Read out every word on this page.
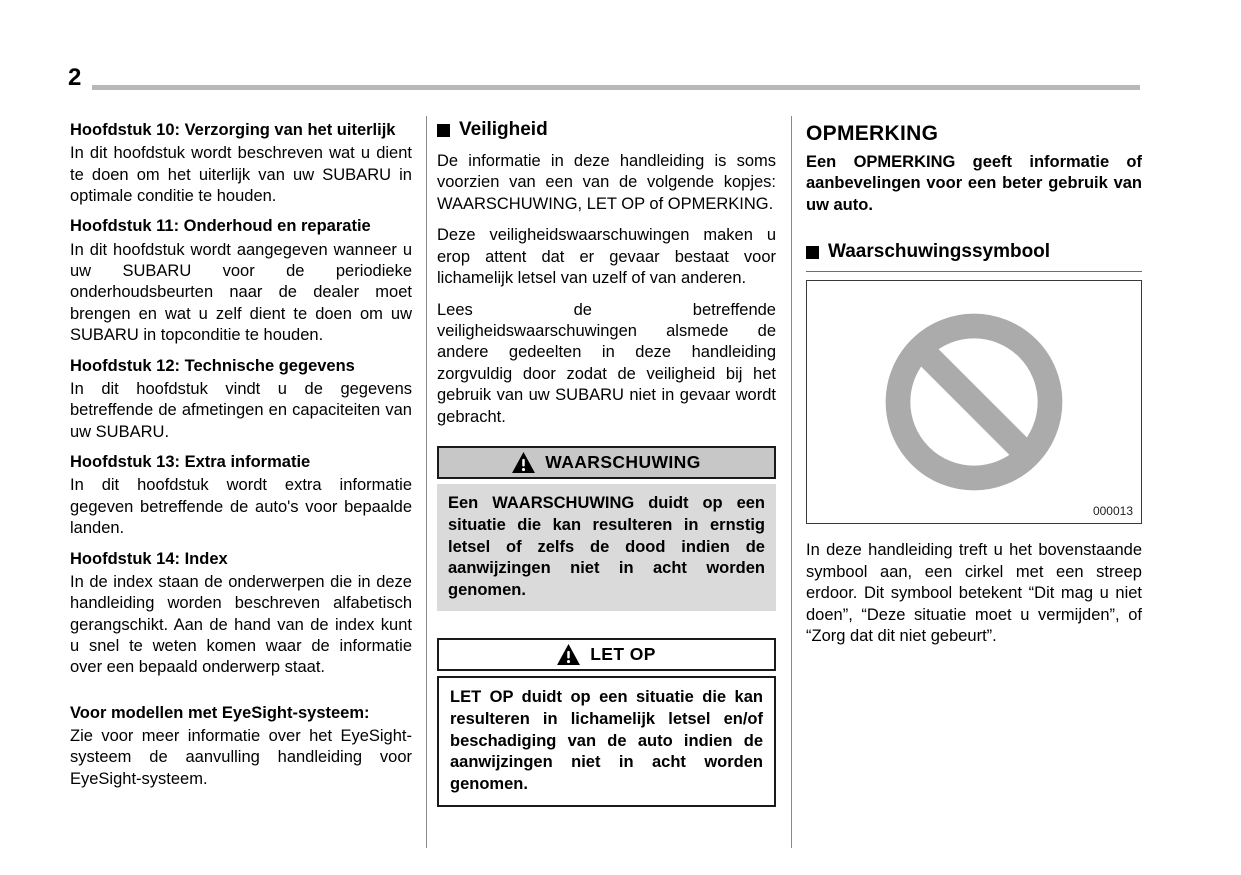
2
Hoofdstuk 10: Verzorging van het uiterlijk

In dit hoofdstuk wordt beschreven wat u dient te doen om het uiterlijk van uw SUBARU in optimale conditie te houden.

Hoofdstuk 11: Onderhoud en reparatie

In dit hoofdstuk wordt aangegeven wanneer u uw SUBARU voor de periodieke onderhoudsbeurten naar de dealer moet brengen en wat u zelf dient te doen om uw SUBARU in topconditie te houden.

Hoofdstuk 12: Technische gegevens

In dit hoofdstuk vindt u de gegevens betreffende de afmetingen en capaciteiten van uw SUBARU.

Hoofdstuk 13: Extra informatie

In dit hoofdstuk wordt extra informatie gegeven betreffende de auto's voor bepaalde landen.

Hoofdstuk 14: Index

In de index staan de onderwerpen die in deze handleiding worden beschreven alfabetisch gerangschikt. Aan de hand van de index kunt u snel te weten komen waar de informatie over een bepaald onderwerp staat.

Voor modellen met EyeSight-systeem:

Zie voor meer informatie over het EyeSight-systeem de aanvulling handleiding voor EyeSight-systeem.

Veiligheid

De informatie in deze handleiding is soms voorzien van een van de volgende kopjes: WAARSCHUWING, LET OP of OPMERKING.

Deze veiligheidswaarschuwingen maken u erop attent dat er gevaar bestaat voor lichamelijk letsel van uzelf of van anderen.

Lees de betreffende veiligheidswaarschuwingen alsmede de andere gedeelten in deze handleiding zorgvuldig door zodat de veiligheid bij het gebruik van uw SUBARU niet in gevaar wordt gebracht.

WAARSCHUWING
Een WAARSCHUWING duidt op een situatie die kan resulteren in ernstig letsel of zelfs de dood indien de aanwijzingen niet in acht worden genomen.
LET OP
LET OP duidt op een situatie die kan resulteren in lichamelijk letsel en/of beschadiging van de auto indien de aanwijzingen niet in acht worden genomen.
OPMERKING

Een OPMERKING geeft informatie of aanbevelingen voor een beter gebruik van uw auto.

Waarschuwingssymbool
000013

In deze handleiding treft u het bovenstaande symbool aan, een cirkel met een streep erdoor. Dit symbool betekent “Dit mag u niet doen”, “Deze situatie moet u vermijden”, of “Zorg dat dit niet gebeurt”.
